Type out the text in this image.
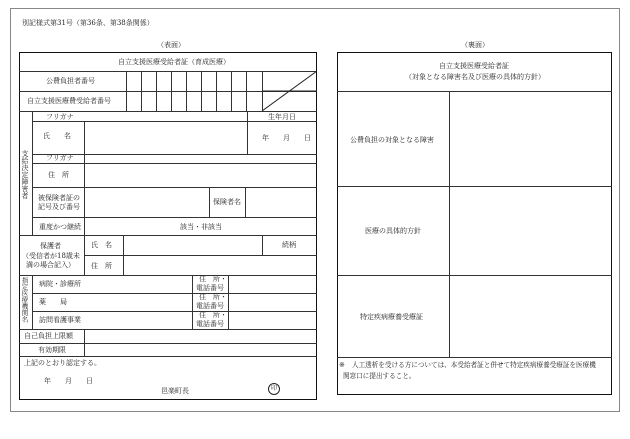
別記様式第31号（第36条、第38条関係）
（表面）
自立支援医療受給者証（育成医療）
公費負担者番号
自立支援医療費受給者番号
支給決定障害者
フリガナ	生年月日
氏　　名	年　　月　　日
フリガナ
住　所
被保険者証の
記号及び番号
保険者名
重度かつ継続	該当・非該当
保護者
（受信者が18歳未
満の場合記入）
氏　名	続柄
住　所
指定医療機関名 病院・診療所
住　所・
電話番号
薬　　局
住　所・
電話番号
訪問看護事業
住　所・
電話番号
自己負担上限額
有効期限
上記のとおり認定する。
年　　月　　日
邑楽町長	印
（裏面）
自立支援医療受給者証
（対象となる障害名及び医療の具体的方針）
公費負担の対象となる障害
医療の具体的方針
特定疾病療養受療証
※ 人工透析を受ける方については、本受給者証と併せて特定疾病療養受療証を医療機
関窓口に提出すること。
